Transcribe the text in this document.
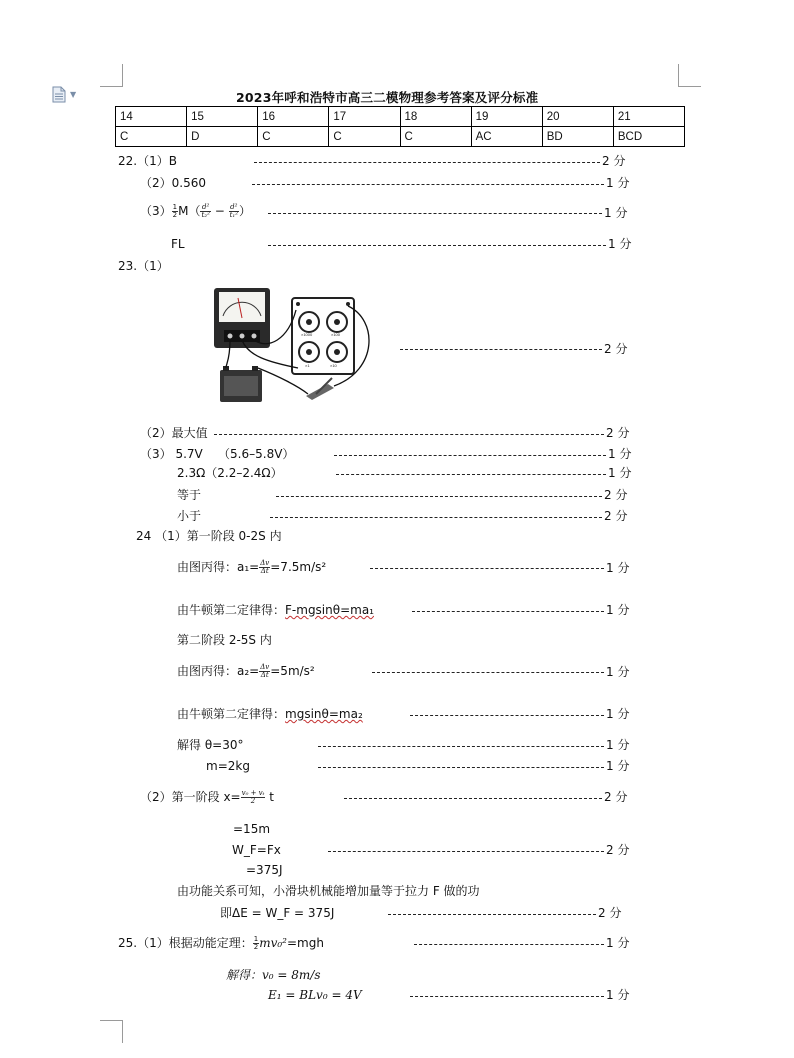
▼	2023年呼和浩特市高三二模物理参考答案及评分标准
14	15	16	17	18	19	20	21
C	D	C	C	C	AC	BD	BCD
22.（1）B	2 分
（2）0.560	1 分
$(3) \frac{1}{2} M( \frac{\text{d²}}{\text{t₂²}} - \frac{\text{d²}}{\text{t₁²}}$ ）	1 分
FL	1 分
23.（1）
×1000	×100
×10
×1
2 分
（2）最大值	2 分
（3） 5.7V （5.6–5.8V）	1 分
2.3Ω（2.2–2.4Ω）	1 分
等于	2 分
小于	2 分
24 （1）第一阶段 0-2S 内
由图丙得：$a_1= \frac{\Delta v}{\Delta t} =7.5m/s^2$	1 分
由牛顿第二定律得：F-mgsinθ=ma₁	1 分
第二阶段 2-5S 内
由图丙得：$a_2= \frac{\Delta v}{\Delta t} =5m/s^2$	1 分
由牛顿第二定律得：mgsinθ=ma₂	1 分
解得 θ=30°	1 分
m=2kg	1 分
（2）第一阶段 $x= \frac{\text{v₀ + vₜ}}{2}$ t	2 分
=15m
W_F=Fx	2 分
=375J
由功能关系可知，小滑块机械能增加量等于拉力 F 做的功
即ΔE = W_F = 375J	2 分
25.（1）根据动能定理： $\frac{1}{2} mv_0^2=mgh$	1 分
解得：v₀ = 8m/s
E₁ = BLv₀ = 4V	1 分
